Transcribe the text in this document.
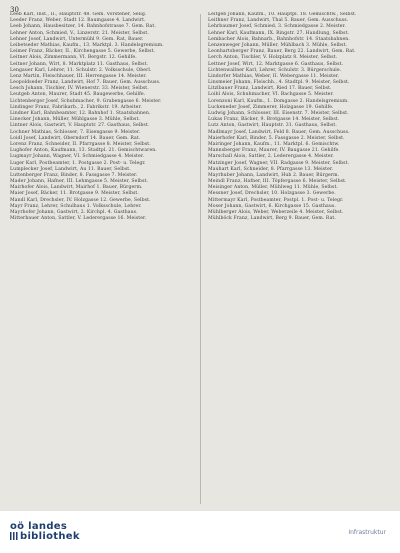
30

Leeb Karl, Inst., II., Hauptstr. 48. Gem. Vorsteher, Selig.

Leeder Franz, Weber, Stadt 12. Baumgasse 4. Landwirt.

Leeb Johann, Hausbesitzer, 14. Bahnhofstrasse 7. Gem. Rat.

Lehner Anton, Schmied, V., Linzerstr. 21. Meister, Selbst.

Lehner Josef, Landwirt, Untermühl 9. Gem. Rat, Bauer.

Leibetseder Mathias, Kaufm., 13. Marktpl. 3. Handelsgremium.

Leimer Franz, Bäcker, II., Kirchengasse 5. Gewerbe, Selbst.

Leitner Alois, Zimmermann, VI. Bergstr. 12. Gehilfe.

Leitner Johann, Wirt, 8. Marktplatz 11. Gasthaus, Selbst.

Lengauer Karl, Lehrer, 11. Schulstr. 2. Volksschule, Oberl.

Lenz Martin, Fleischhauer, III. Herrengasse 14. Meister.

Leopoldseder Franz, Landwirt, Hof 7. Bauer, Gem. Ausschuss.

Lesch Johann, Tischler, IV. Wienerstr. 33. Meister, Selbst.

Leutgeb Anton, Maurer, Stadt 45. Baugewerbe, Gehilfe.

Lichtenberger Josef, Schuhmacher, 9. Grabengasse 6. Meister.

Lindinger Franz, Fabrikarb., 2. Fabrikstr. 19. Arbeiter.

Lindner Karl, Bahnbeamter, 12. Bahnhof 1. Staatsbahnen.

Linecker Johann, Müller, Mühlgasse 3. Mühle, Selbst.

Lintner Alois, Gastwirt, V. Hauptstr. 27. Gasthaus, Selbst.

Lochner Mathias, Schlosser, 7. Eisengasse 9. Meister.

Loidl Josef, Landwirt, Oberndorf 14. Bauer, Gem. Rat.

Lorenz Franz, Schneider, II. Pfarrgasse 8. Meister, Selbst.

Lughofer Anton, Kaufmann, 13. Stadtpl. 21. Gemischtwaren.

Lugmayr Johann, Wagner, VI. Schmiedgasse 4. Meister.

Luger Karl, Postbeamter, 1. Postgasse 2. Post- u. Telegr.

Lumplecker Josef, Landwirt, Au 11. Bauer, Selbst.

Luttenberger Franz, Binder, 8. Fassgasse 7. Meister.

Mader Johann, Hafner, III. Lehmgasse 5. Meister, Selbst.

Mairhofer Alois, Landwirt, Mairhof 1. Bauer, Bürgerm.

Maier Josef, Bäcker, 11. Brotgasse 9. Meister, Selbst.

Mandl Karl, Drechsler, IV. Holzgasse 12. Gewerbe, Selbst.

Mayr Franz, Lehrer, Schulhaus 1. Volksschule, Lehrer.

Mayrhofer Johann, Gastwirt, 2. Kirchpl. 4. Gasthaus.

Mitterbauer Anton, Sattler, V. Lederergasse 16. Meister.

Leitgeb Johann, Kaufm., 10. Hauptpl. 18. Gemischtw., Selbst.

Leithner Franz, Landwirt, Thal 5. Bauer, Gem. Ausschuss.

Lehrbaumer Josef, Schmied, 3. Schmiedgasse 2. Meister.

Lehner Karl, Kaufmann, IX. Ringstr. 27. Handlung, Selbst.

Lembacher Alois, Bahnarb., Bahnhofstr. 14. Staatsbahnen.

Lenzenweger Johann, Müller, Mühlbach 3. Mühle, Selbst.

Leonhartsberger Franz, Bauer, Berg 22. Landwirt, Gem. Rat.

Lerch Anton, Tischler, V. Holzplatz 8. Meister, Selbst.

Lettner Josef, Wirt, 12. Marktgasse 6. Gasthaus, Selbst.

Lichtenwallner Karl, Lehrer, Schulstr. 3. Bürgerschule.

Lindorfer Mathias, Weber, II. Webergasse 11. Meister.

Linsmeier Johann, Fleischh., 4. Stadtpl. 9. Meister, Selbst.

Litzlbauer Franz, Landwirt, Ried 17. Bauer, Selbst.

Loibl Alois, Schuhmacher, VI. Bachgasse 5. Meister.

Lorenzoni Karl, Kaufm., 1. Domgasse 2. Handelsgremium.

Luckeneder Josef, Zimmerer, Holzgasse 19. Gehilfe.

Ludwig Johann, Schlosser, III. Eisenstr. 7. Meister, Selbst.

Lukas Franz, Bäcker, 9. Brotgasse 14. Meister, Selbst.

Lutz Anton, Gastwirt, Hauptstr. 31. Gasthaus, Selbst.

Madlmayr Josef, Landwirt, Feld 8. Bauer, Gem. Ausschuss.

Maierhofer Karl, Binder, 5. Fassgasse 2. Meister, Selbst.

Mairinger Johann, Kaufm., 11. Marktpl. 6. Gemischtw.

Mannsberger Franz, Maurer, IV. Baugasse 21. Gehilfe.

Marschall Alois, Sattler, 2. Lederergasse 4. Meister.

Matzinger Josef, Wagner, VII. Radgasse 9. Meister, Selbst.

Mauhart Karl, Schneider, 8. Pfarrgasse 13. Meister.

Mayrhuber Johann, Landwirt, Hub 2. Bauer, Bürgerm.

Meindl Franz, Hafner, III. Töpfergasse 6. Meister, Selbst.

Meisinger Anton, Müller, Mühlweg 11. Mühle, Selbst.

Messner Josef, Drechsler, 10. Holzgasse 3. Gewerbe.

Mittermayr Karl, Postbeamter, Postpl. 1. Post- u. Telegr.

Moser Johann, Gastwirt, 6. Kirchgasse 15. Gasthaus.

Mühlberger Alois, Weber, Weberzeile 4. Meister, Selbst.

Mühlböck Franz, Landwirt, Berg 9. Bauer, Gem. Rat.

oö landes
bibliothek	Infrastruktur
